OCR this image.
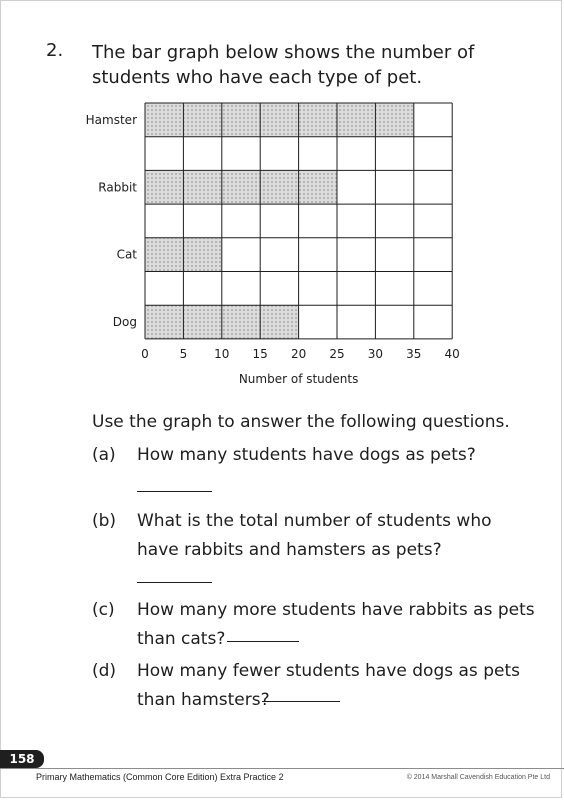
2. The bar graph below shows the number of students who have each type of pet.
Hamster
Rabbit
Cat
Dog
0	5 10 15 20 25 30 35 40
Number of students
Use the graph to answer the following questions.
(a) How many students have dogs as pets?
(b) What is the total number of students who have rabbits and hamsters as pets?
(c) How many more students have rabbits as pets than cats?
(d) How many fewer students have dogs as pets than hamsters?
158
Primary Mathematics (Common Core Edition) Extra Practice 2	© 2014 Marshall Cavendish Education Pte Ltd
